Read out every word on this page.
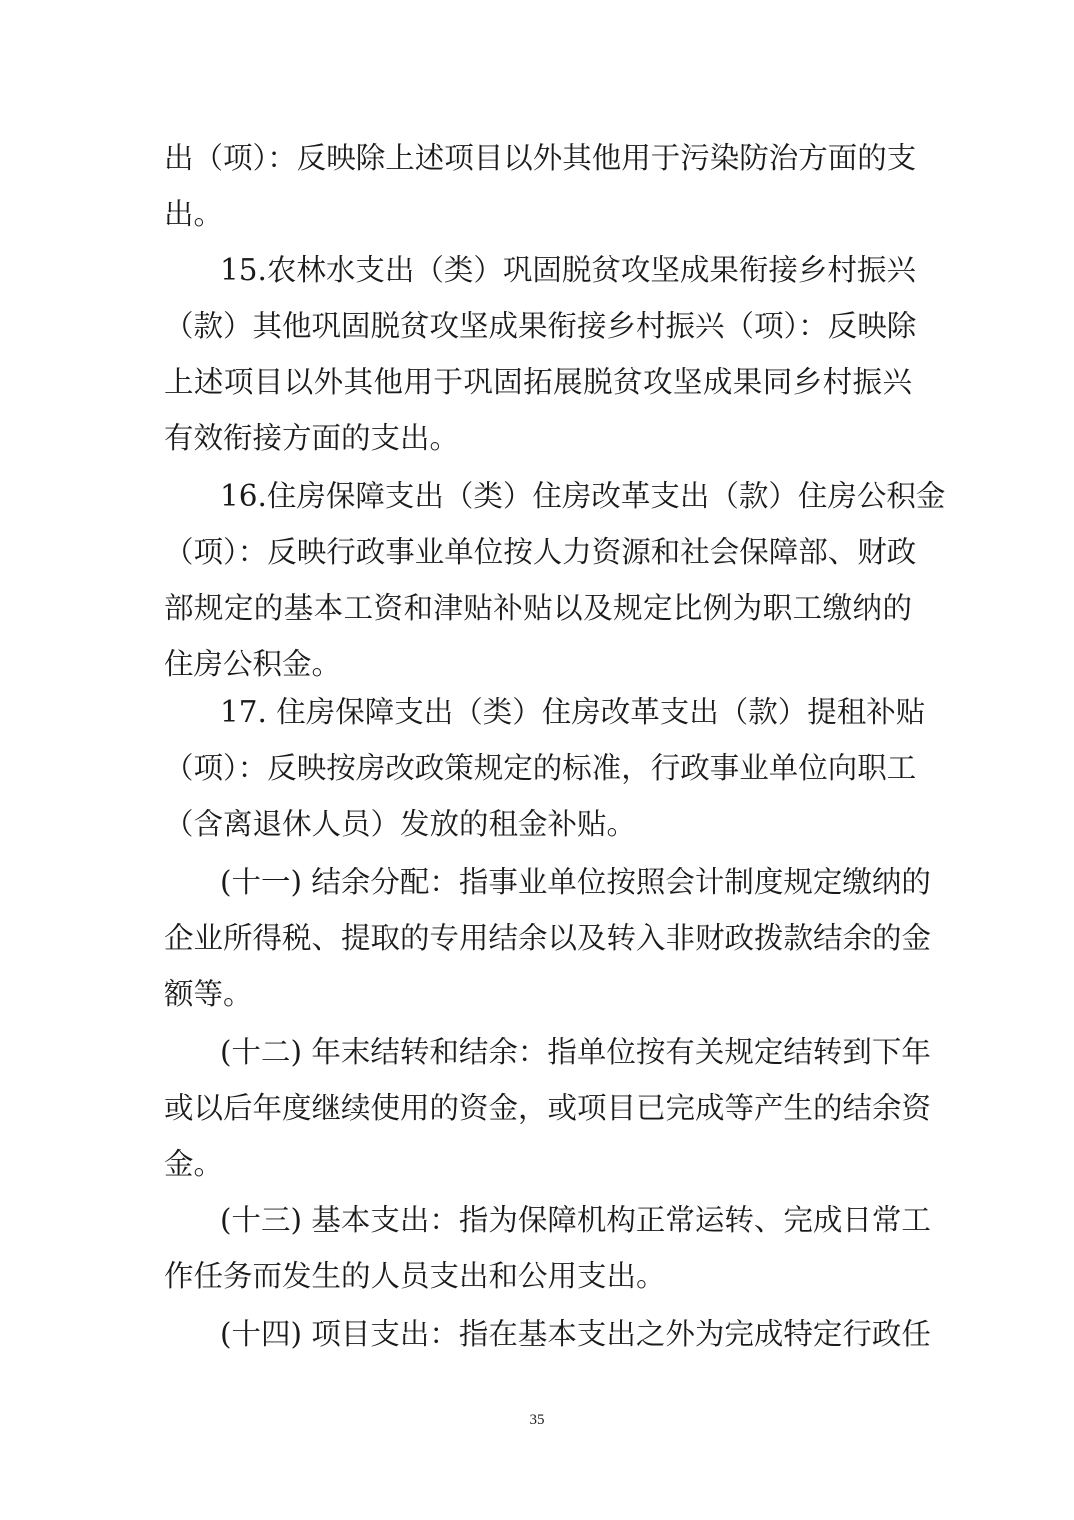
出（项）：反映除上述项目以外其他用于污染防治方面的支
出。
15.农林水支出（类）巩固脱贫攻坚成果衔接乡村振兴
（款）其他巩固脱贫攻坚成果衔接乡村振兴（项）：反映除
上述项目以外其他用于巩固拓展脱贫攻坚成果同乡村振兴
有效衔接方面的支出。
16.住房保障支出（类）住房改革支出（款）住房公积金
（项）：反映行政事业单位按人力资源和社会保障部、财政
部规定的基本工资和津贴补贴以及规定比例为职工缴纳的
住房公积金。
17. 住房保障支出（类）住房改革支出（款）提租补贴
（项）：反映按房改政策规定的标准，行政事业单位向职工
（含离退休人员）发放的租金补贴。
(十一) 结余分配：指事业单位按照会计制度规定缴纳的
企业所得税、提取的专用结余以及转入非财政拨款结余的金
额等。
(十二) 年末结转和结余：指单位按有关规定结转到下年
或以后年度继续使用的资金，或项目已完成等产生的结余资
金。
(十三) 基本支出：指为保障机构正常运转、完成日常工
作任务而发生的人员支出和公用支出。
(十四) 项目支出：指在基本支出之外为完成特定行政任
35
